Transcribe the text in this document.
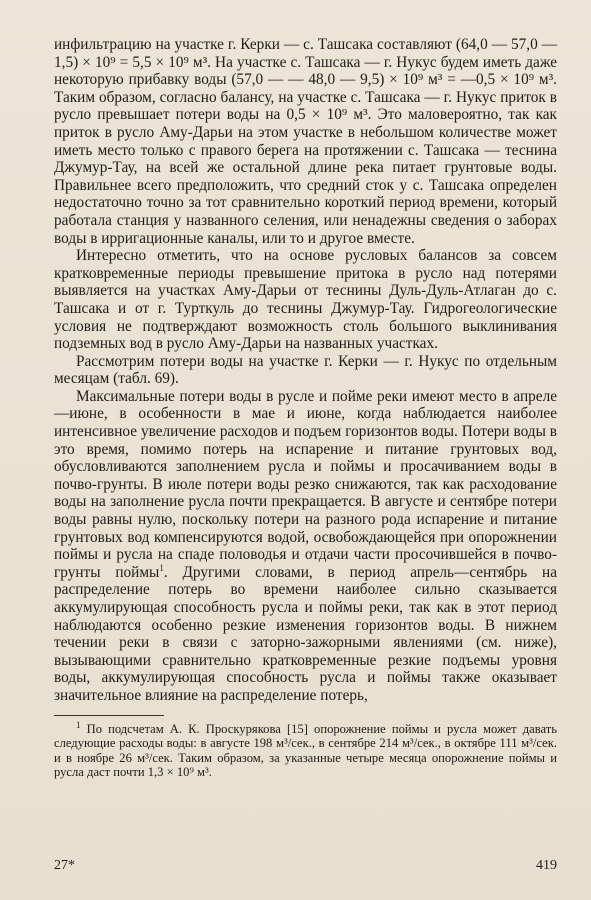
инфильтрацию на участке г. Керки — с. Ташсака составляют (64,0 — 57,0 — 1,5) × 10⁹ = 5,5 × 10⁹ м³. На участке с. Ташсака — г. Нукус будем иметь даже некоторую прибавку воды (57,0 — — 48,0 — 9,5) × 10⁹ м³ = —0,5 × 10⁹ м³. Таким образом, согласно балансу, на участке с. Ташсака — г. Нукус приток в русло превышает потери воды на 0,5 × 10⁹ м³. Это маловероятно, так как приток в русло Аму-Дарьи на этом участке в небольшом количестве может иметь место только с правого берега на протяжении с. Ташсака — теснина Джумур-Тау, на всей же остальной длине река питает грунтовые воды. Правильнее всего предположить, что средний сток у с. Ташсака определен недостаточно точно за тот сравнительно короткий период времени, который работала станция у названного селения, или ненадежны сведения о заборах воды в ирригационные каналы, или то и другое вместе.

Интересно отметить, что на основе русловых балансов за совсем кратковременные периоды превышение притока в русло над потерями выявляется на участках Аму-Дарьи от теснины Дуль-Дуль-Атлаган до с. Ташсака и от г. Турткуль до теснины Джумур-Тау. Гидрогеологические условия не подтверждают возможность столь большого выклинивания подземных вод в русло Аму-Дарьи на названных участках.

Рассмотрим потери воды на участке г. Керки — г. Нукус по отдельным месяцам (табл. 69).

Максимальные потери воды в русле и пойме реки имеют место в апреле—июне, в особенности в мае и июне, когда наблюдается наиболее интенсивное увеличение расходов и подъем горизонтов воды. Потери воды в это время, помимо потерь на испарение и питание грунтовых вод, обусловливаются заполнением русла и поймы и просачиванием воды в почво-грунты. В июле потери воды резко снижаются, так как расходование воды на заполнение русла почти прекращается. В августе и сентябре потери воды равны нулю, поскольку потери на разного рода испарение и питание грунтовых вод компенсируются водой, освобождающейся при опорожнении поймы и русла на спаде половодья и отдачи части просочившейся в почво-грунты поймы$^1$. Другими словами, в период апрель—сентябрь на распределение потерь во времени наиболее сильно сказывается аккумулирующая способность русла и поймы реки, так как в этот период наблюдаются особенно резкие изменения горизонтов воды. В нижнем течении реки в связи с заторно-зажорными явлениями (см. ниже), вызывающими сравнительно кратковременные резкие подъемы уровня воды, аккумулирующая способность русла и поймы также оказывает значительное влияние на распределение потерь,

$^1$ По подсчетам А. К. Проскурякова [15] опорожнение поймы и русла может давать следующие расходы воды: в августе 198 м³/сек., в сентябре 214 м³/сек., в октябре 111 м³/сек. и в ноябре 26 м³/сек. Таким образом, за указанные четыре месяца опорожнение поймы и русла даст почти 1,3 × 10⁹ м³.

27*	419
